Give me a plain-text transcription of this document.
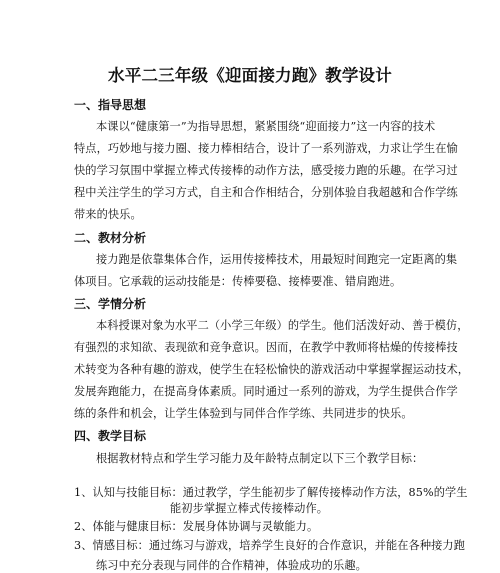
水平二三年级《迎面接力跑》教学设计
一、指导思想
本课以“健康第一”为指导思想，紧紧围绕“迎面接力”这一内容的技术
特点，巧妙地与接力圈、接力棒相结合，设计了一系列游戏，力求让学生在愉
快的学习氛围中掌握立棒式传接棒的动作方法，感受接力跑的乐趣。在学习过
程中关注学生的学习方式，自主和合作相结合，分别体验自我超越和合作学练
带来的快乐。
二、教材分析
接力跑是依靠集体合作，运用传接棒技术，用最短时间跑完一定距离的集
体项目。它承载的运动技能是：传棒要稳、接棒要准、错肩跑进。
三、学情分析
本科授课对象为水平二（小学三年级）的学生。他们活泼好动、善于模仿，
有强烈的求知欲、表现欲和竞争意识。因而，在教学中教师将枯燥的传接棒技
术转变为各种有趣的游戏，使学生在轻松愉快的游戏活动中掌握掌握运动技术，
发展奔跑能力，在提高身体素质。同时通过一系列的游戏，为学生提供合作学
练的条件和机会，让学生体验到与同伴合作学练、共同进步的快乐。
四、教学目标
根据教材特点和学生学习能力及年龄特点制定以下三个教学目标：
1、认知与技能目标：通过教学，学生能初步了解传接棒动作方法，85%的学生
能初步掌握立棒式传接棒动作。
2、体能与健康目标：发展身体协调与灵敏能力。
3、情感目标：通过练习与游戏，培养学生良好的合作意识，并能在各种接力跑
练习中充分表现与同伴的合作精神，体验成功的乐趣。
